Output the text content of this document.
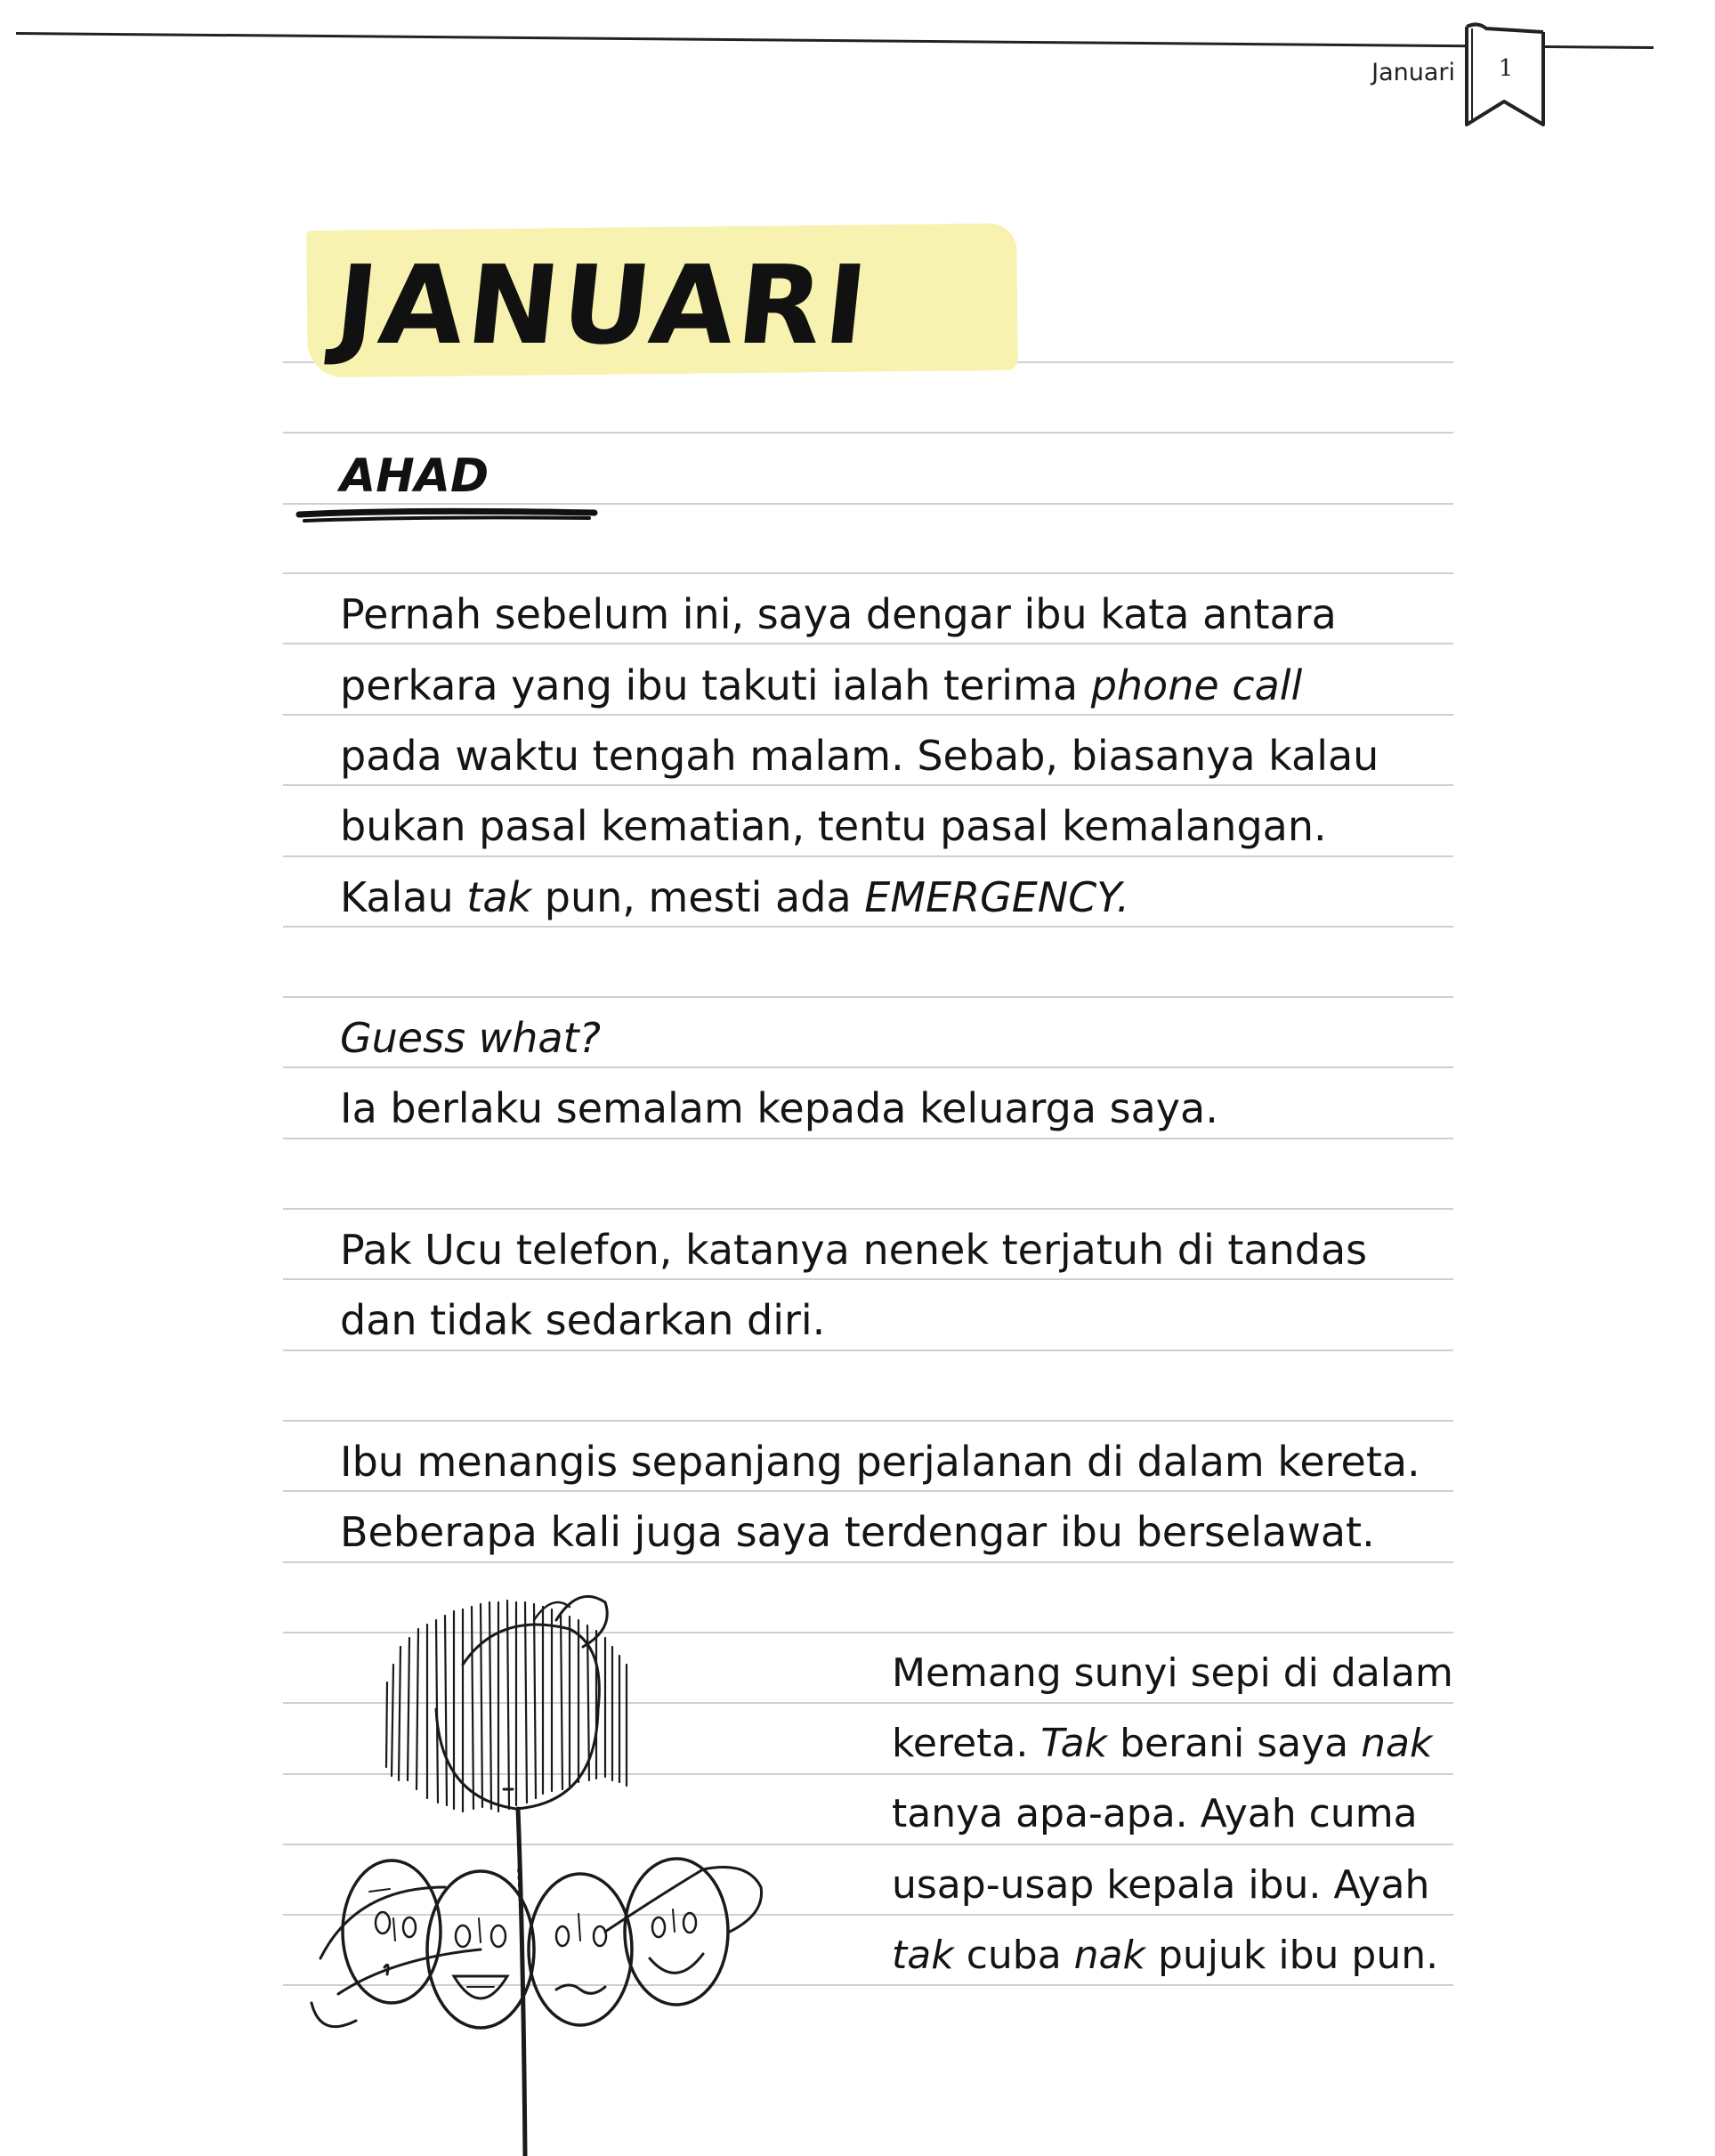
Januari	1
JANUARI
AHAD
Pernah sebelum ini, saya dengar ibu kata antara
perkara yang ibu takuti ialah terima phone call
pada waktu tengah malam. Sebab, biasanya kalau
bukan pasal kematian, tentu pasal kemalangan.
Kalau tak pun, mesti ada EMERGENCY.
Guess what?
Ia berlaku semalam kepada keluarga saya.
Pak Ucu telefon, katanya nenek terjatuh di tandas
dan tidak sedarkan diri.
Ibu menangis sepanjang perjalanan di dalam kereta.
Beberapa kali juga saya terdengar ibu berselawat.
Memang sunyi sepi di dalam
kereta. Tak berani saya nak
tanya apa-apa. Ayah cuma
usap-usap kepala ibu. Ayah
tak cuba nak pujuk ibu pun.
